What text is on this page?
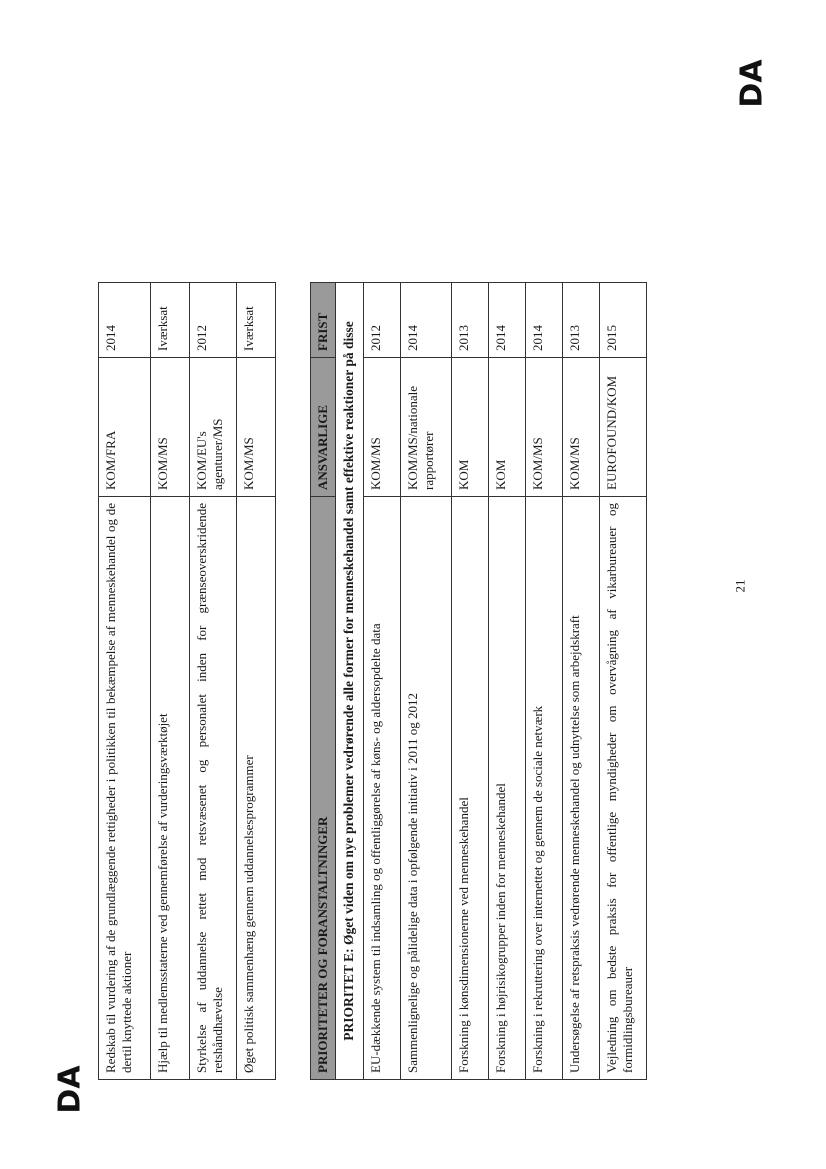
DA
DA
21
Redskab til vurdering af de grundlæggende rettigheder i politikken til bekæmpelse af menneskehandel og de dertil knyttede aktioner	KOM/FRA	2014
Hjælp til medlemsstaterne ved gennemførelse af vurderingsværktøjet	KOM/MS	Iværksat
Styrkelse af uddannelse rettet mod retsvæsenet og personalet inden for grænseoverskridende retshåndhævelse	KOM/EU's agenturer/MS	2012
Øget politisk sammenhæng gennem uddannelsesprogrammer	KOM/MS	Iværksat
PRIORITETER OG FORANSTALTNINGER	ANSVARLIGE	FRIST
PRIORITET E: Øget viden om nye problemer vedrørende alle former for menneskehandel samt effektive reaktioner på disse		
EU-dækkende system til indsamling og offentliggørelse af køns- og aldersopdelte data	KOM/MS	2012
Sammenlignelige og pålidelige data i opfølgende initiativ i 2011 og 2012	KOM/MS/nationale rapportører	2014
Forskning i kønsdimensionerne ved menneskehandel	KOM	2013
Forskning i højrisikogrupper inden for menneskehandel	KOM	2014
Forskning i rekruttering over internettet og gennem de sociale netværk	KOM/MS	2014
Undersøgelse af retspraksis vedrørende menneskehandel og udnyttelse som arbejdskraft	KOM/MS	2013
Vejledning om bedste praksis for offentlige myndigheder om overvågning af vikarbureauer og formidlingsbureauer	EUROFOUND/KOM	2015
